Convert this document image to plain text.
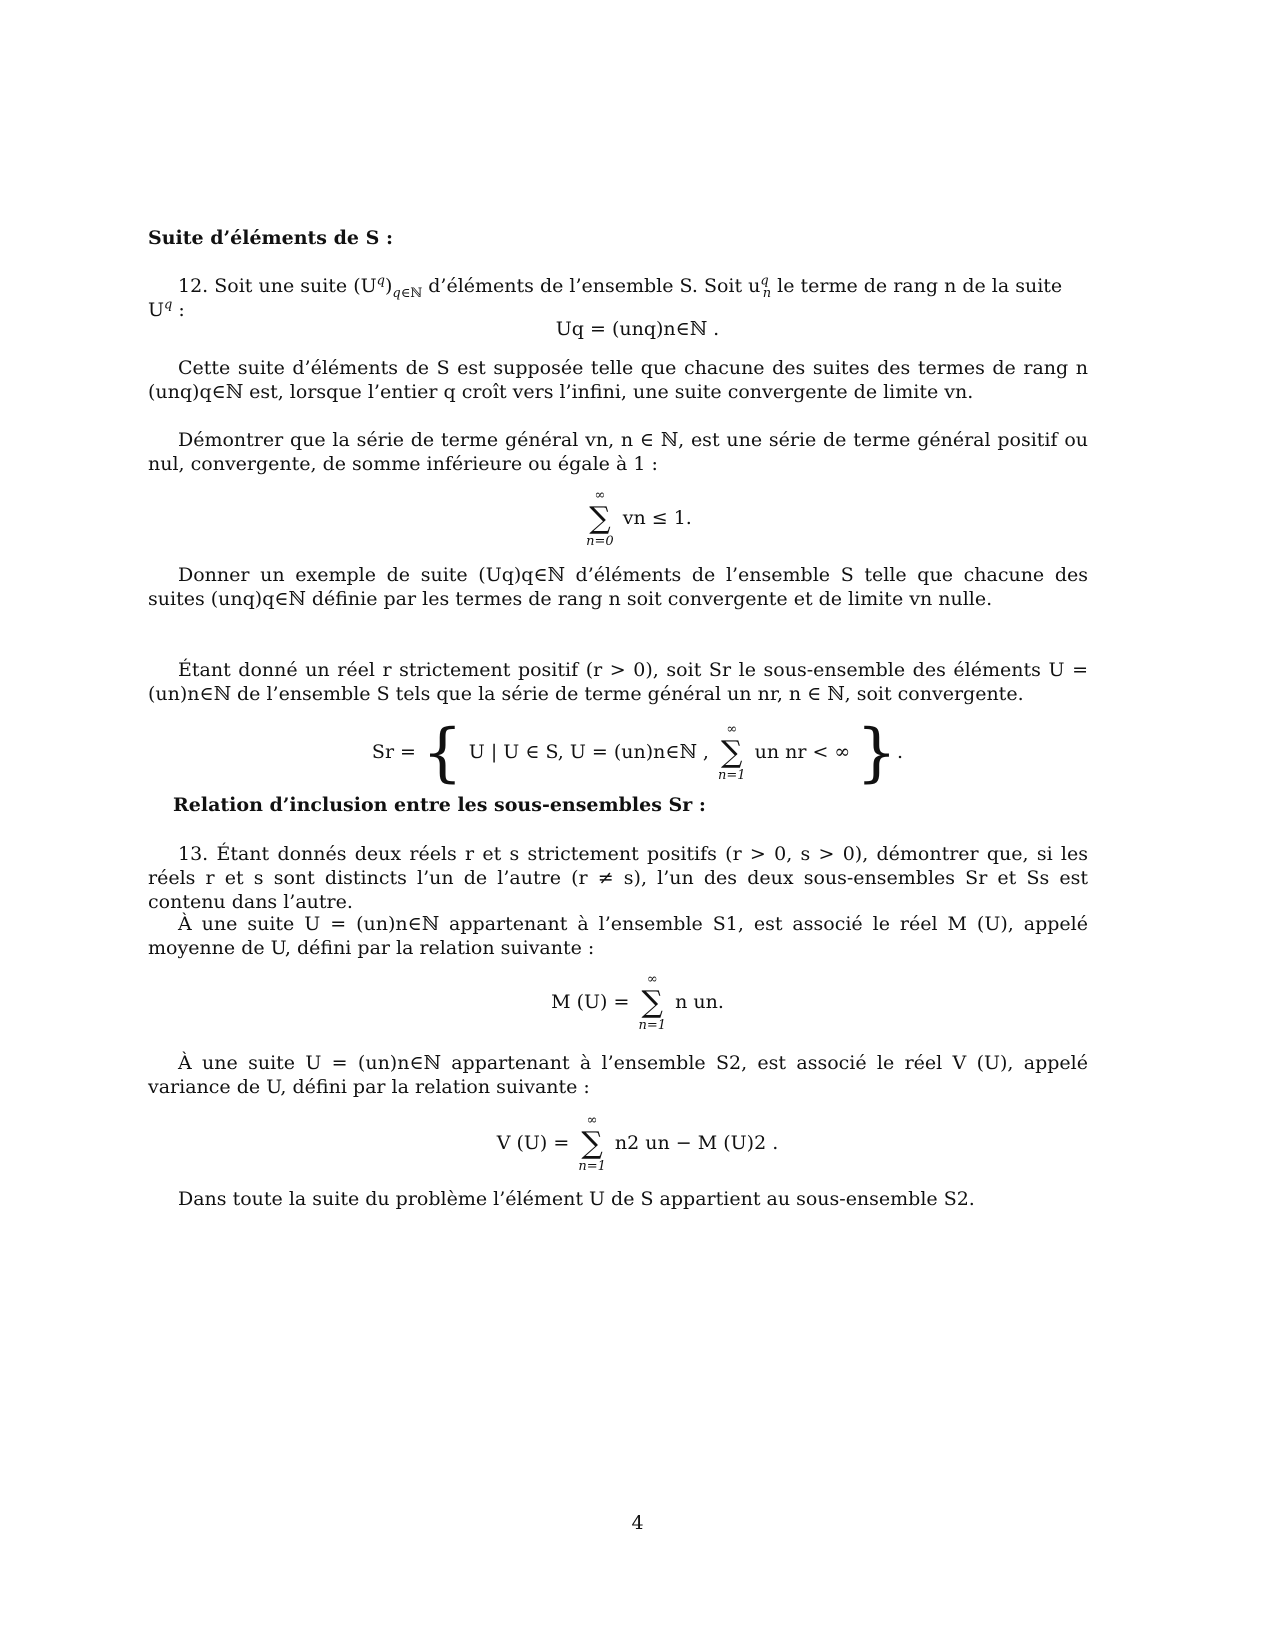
Suite d’éléments de S :
12. Soit une suite $(U^q)_{q\in ℕ}$ d’éléments de l’ensemble S. Soit $u^q_n$ le terme de rang n de la suite $U^q$ :
Uq = (unq)n∈ℕ .
Cette suite d’éléments de S est supposée telle que chacune des suites des termes de rang n (unq)q∈ℕ est, lorsque l’entier q croît vers l’infini, une suite convergente de limite vn.
Démontrer que la série de terme général vn, n ∈ ℕ, est une série de terme général positif ou nul, convergente, de somme inférieure ou égale à 1 :
∞
∑
n=0
vn ≤ 1.
Donner un exemple de suite (Uq)q∈ℕ d’éléments de l’ensemble S telle que chacune des suites (unq)q∈ℕ définie par les termes de rang n soit convergente et de limite vn nulle.
Étant donné un réel r strictement positif (r > 0), soit Sr le sous-ensemble des éléments U = (un)n∈ℕ de l’ensemble S tels que la série de terme général un nr, n ∈ ℕ, soit convergente.
Sr = { U | U ∈ S, U = (un)n∈ℕ ,
∞
∑
n=1
un nr < ∞ }.
Relation d’inclusion entre les sous-ensembles Sr :
13. Étant donnés deux réels r et s strictement positifs (r > 0, s > 0), démontrer que, si les réels r et s sont distincts l’un de l’autre (r ≠ s), l’un des deux sous-ensembles Sr et Ss est contenu dans l’autre.
À une suite U = (un)n∈ℕ appartenant à l’ensemble S1, est associé le réel M (U), appelé moyenne de U, défini par la relation suivante :
M (U) =
∞
∑
n=1
n un.
À une suite U = (un)n∈ℕ appartenant à l’ensemble S2, est associé le réel V (U), appelé variance de U, défini par la relation suivante :
V (U) =
∞
∑
n=1
n2 un − M (U)2 .
Dans toute la suite du problème l’élément U de S appartient au sous-ensemble S2.
4
